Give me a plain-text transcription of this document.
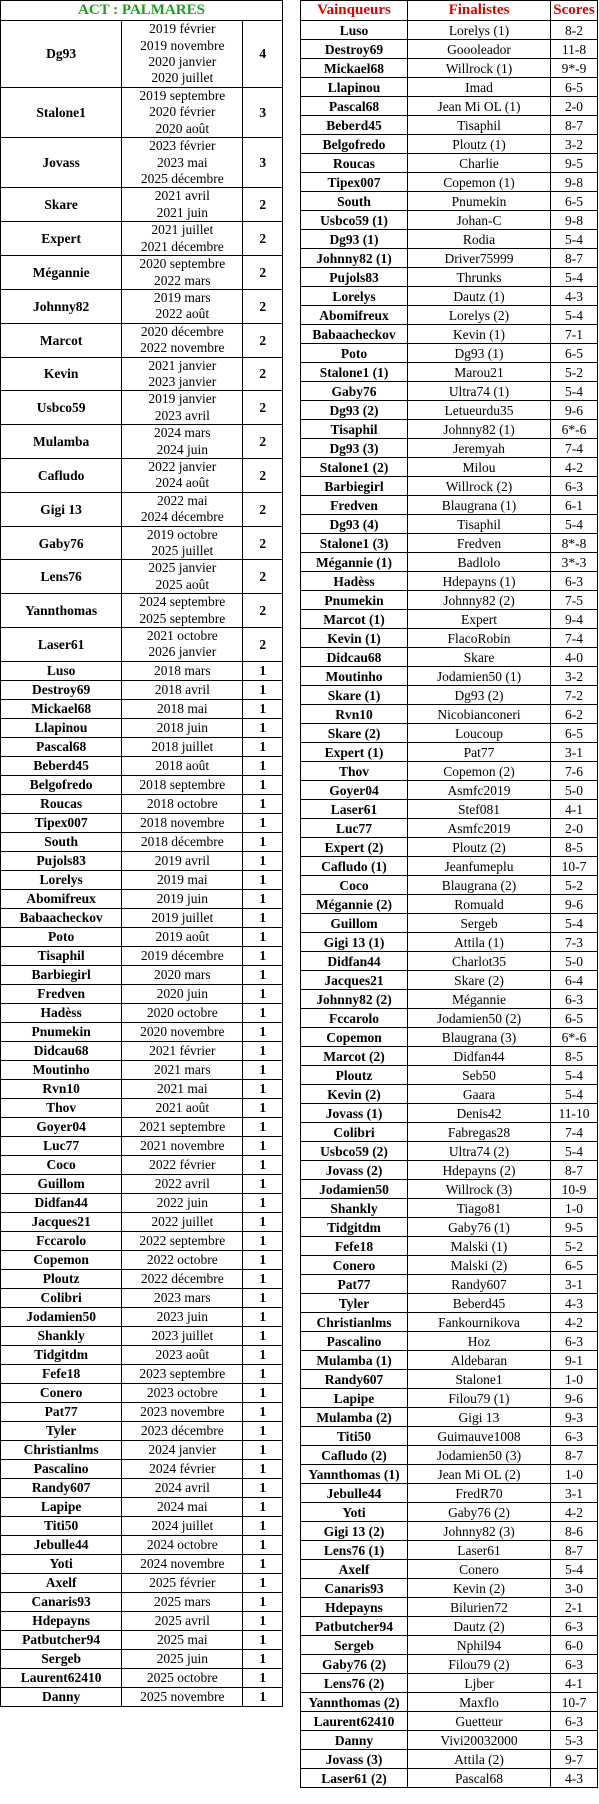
ACT : PALMARES		
Dg93	2019 février
2019 novembre
2020 janvier
2020 juillet	4
Stalone1	2019 septembre
2020 février
2020 août	3
Jovass	2023 février
2023 mai
2025 décembre	3
Skare	2021 avril
2021 juin	2
Expert	2021 juillet
2021 décembre	2
Mégannie	2020 septembre
2022 mars	2
Johnny82	2019 mars
2022 août	2
Marcot	2020 décembre
2022 novembre	2
Kevin	2021 janvier
2023 janvier	2
Usbco59	2019 janvier
2023 avril	2
Mulamba	2024 mars
2024 juin	2
Cafludo	2022 janvier
2024 août	2
Gigi 13	2022 mai
2024 décembre	2
Gaby76	2019 octobre
2025 juillet	2
Lens76	2025 janvier
2025 août	2
Yannthomas	2024 septembre
2025 septembre	2
Laser61	2021 octobre
2026 janvier	2
Luso	2018 mars	1
Destroy69	2018 avril	1
Mickael68	2018 mai	1
Llapinou	2018 juin	1
Pascal68	2018 juillet	1
Beberd45	2018 août	1
Belgofredo	2018 septembre	1
Roucas	2018 octobre	1
Tipex007	2018 novembre	1
South	2018 décembre	1
Pujols83	2019 avril	1
Lorelys	2019 mai	1
Abomifreux	2019 juin	1
Babaacheckov	2019 juillet	1
Poto	2019 août	1
Tisaphil	2019 décembre	1
Barbiegirl	2020 mars	1
Fredven	2020 juin	1
Hadèss	2020 octobre	1
Pnumekin	2020 novembre	1
Didcau68	2021 février	1
Moutinho	2021 mars	1
Rvn10	2021 mai	1
Thov	2021 août	1
Goyer04	2021 septembre	1
Luc77	2021 novembre	1
Coco	2022 février	1
Guillom	2022 avril	1
Didfan44	2022 juin	1
Jacques21	2022 juillet	1
Fccarolo	2022 septembre	1
Copemon	2022 octobre	1
Ploutz	2022 décembre	1
Colibri	2023 mars	1
Jodamien50	2023 juin	1
Shankly	2023 juillet	1
Tidgitdm	2023 août	1
Fefe18	2023 septembre	1
Conero	2023 octobre	1
Pat77	2023 novembre	1
Tyler	2023 décembre	1
Christianlms	2024 janvier	1
Pascalino	2024 février	1
Randy607	2024 avril	1
Lapipe	2024 mai	1
Titi50	2024 juillet	1
Jebulle44	2024 octobre	1
Yoti	2024 novembre	1
Axelf	2025 février	1
Canaris93	2025 mars	1
Hdepayns	2025 avril	1
Patbutcher94	2025 mai	1
Sergeb	2025 juin	1
Laurent62410	2025 octobre	1
Danny	2025 novembre	1
Vainqueurs	Finalistes	Scores
Luso	Lorelys (1)	8-2
Destroy69	Goooleador	11-8
Mickael68	Willrock (1)	9*-9
Llapinou	Imad	6-5
Pascal68	Jean Mi OL (1)	2-0
Beberd45	Tisaphil	8-7
Belgofredo	Ploutz (1)	3-2
Roucas	Charlie	9-5
Tipex007	Copemon (1)	9-8
South	Pnumekin	6-5
Usbco59 (1)	Johan-C	9-8
Dg93 (1)	Rodia	5-4
Johnny82 (1)	Driver75999	8-7
Pujols83	Thrunks	5-4
Lorelys	Dautz (1)	4-3
Abomifreux	Lorelys (2)	5-4
Babaacheckov	Kevin (1)	7-1
Poto	Dg93 (1)	6-5
Stalone1 (1)	Marou21	5-2
Gaby76	Ultra74 (1)	5-4
Dg93 (2)	Letueurdu35	9-6
Tisaphil	Johnny82 (1)	6*-6
Dg93 (3)	Jeremyah	7-4
Stalone1 (2)	Milou	4-2
Barbiegirl	Willrock (2)	6-3
Fredven	Blaugrana (1)	6-1
Dg93 (4)	Tisaphil	5-4
Stalone1 (3)	Fredven	8*-8
Mégannie (1)	Badlolo	3*-3
Hadèss	Hdepayns (1)	6-3
Pnumekin	Johnny82 (2)	7-5
Marcot (1)	Expert	9-4
Kevin (1)	FlacoRobin	7-4
Didcau68	Skare	4-0
Moutinho	Jodamien50 (1)	3-2
Skare (1)	Dg93 (2)	7-2
Rvn10	Nicobianconeri	6-2
Skare (2)	Loucoup	6-5
Expert (1)	Pat77	3-1
Thov	Copemon (2)	7-6
Goyer04	Asmfc2019	5-0
Laser61	Stef081	4-1
Luc77	Asmfc2019	2-0
Expert (2)	Ploutz (2)	8-5
Cafludo (1)	Jeanfumeplu	10-7
Coco	Blaugrana (2)	5-2
Mégannie (2)	Romuald	9-6
Guillom	Sergeb	5-4
Gigi 13 (1)	Attila (1)	7-3
Didfan44	Charlot35	5-0
Jacques21	Skare (2)	6-4
Johnny82 (2)	Mégannie	6-3
Fccarolo	Jodamien50 (2)	6-5
Copemon	Blaugrana (3)	6*-6
Marcot (2)	Didfan44	8-5
Ploutz	Seb50	5-4
Kevin (2)	Gaara	5-4
Jovass (1)	Denis42	11-10
Colibri	Fabregas28	7-4
Usbco59 (2)	Ultra74 (2)	5-4
Jovass (2)	Hdepayns (2)	8-7
Jodamien50	Willrock (3)	10-9
Shankly	Tiago81	1-0
Tidgitdm	Gaby76 (1)	9-5
Fefe18	Malski (1)	5-2
Conero	Malski (2)	6-5
Pat77	Randy607	3-1
Tyler	Beberd45	4-3
Christianlms	Fankournikova	4-2
Pascalino	Hoz	6-3
Mulamba (1)	Aldebaran	9-1
Randy607	Stalone1	1-0
Lapipe	Filou79 (1)	9-6
Mulamba (2)	Gigi 13	9-3
Titi50	Guimauve1008	6-3
Cafludo (2)	Jodamien50 (3)	8-7
Yannthomas (1)	Jean Mi OL (2)	1-0
Jebulle44	FredR70	3-1
Yoti	Gaby76 (2)	4-2
Gigi 13 (2)	Johnny82 (3)	8-6
Lens76 (1)	Laser61	8-7
Axelf	Conero	5-4
Canaris93	Kevin (2)	3-0
Hdepayns	Bilurien72	2-1
Patbutcher94	Dautz (2)	6-3
Sergeb	Nphil94	6-0
Gaby76 (2)	Filou79 (2)	6-3
Lens76 (2)	Ljber	4-1
Yannthomas (2)	Maxflo	10-7
Laurent62410	Guetteur	6-3
Danny	Vivi20032000	5-3
Jovass (3)	Attila (2)	9-7
Laser61 (2)	Pascal68	4-3
